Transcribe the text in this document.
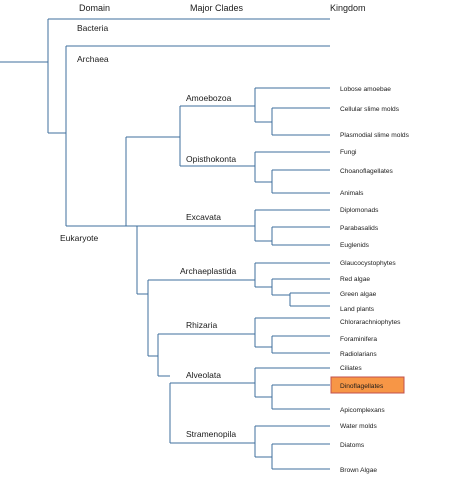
Domain	Major Clades	Kingdom
Bacteria
Archaea
Eukaryote
Amoebozoa
Opisthokonta
Excavata
Archaeplastida
Rhizaria
Alveolata
Stramenopila
Lobose amoebae
Cellular slime molds
Plasmodial slime molds
Fungi
Choanoflagellates
Animals
Diplomonads
Parabasalids
Euglenids
Glaucocystophytes
Red algae
Green algae
Land plants
Chlorarachniophytes
Foraminifera
Radiolarians
Ciliates
Dinoflagellates
Apicomplexans
Water molds
Diatoms
Brown Algae
